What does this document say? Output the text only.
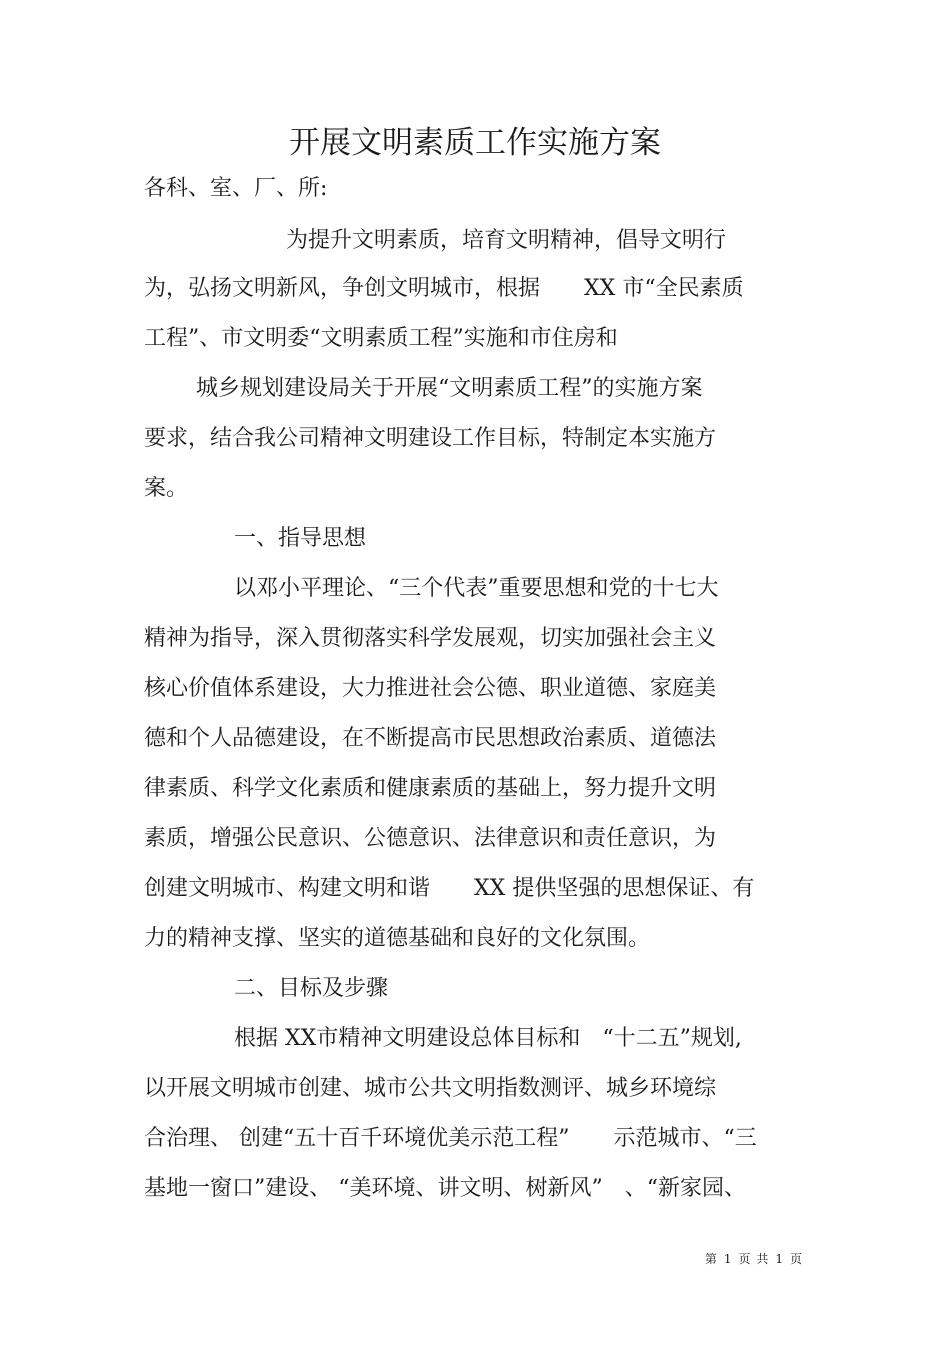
开展文明素质工作实施方案
各科、室、厂、所:
为提升文明素质，培育文明精神，倡导文明行
为，弘扬文明新风，争创文明城市，根据　　XX 市“全民素质
工程”、市文明委“文明素质工程”实施和市住房和
城乡规划建设局关于开展“文明素质工程”的实施方案
要求，结合我公司精神文明建设工作目标，特制定本实施方
案。
一、指导思想
以邓小平理论、“三个代表”重要思想和党的十七大
精神为指导，深入贯彻落实科学发展观，切实加强社会主义
核心价值体系建设，大力推进社会公德、职业道德、家庭美
德和个人品德建设，在不断提高市民思想政治素质、道德法
律素质、科学文化素质和健康素质的基础上，努力提升文明
素质，增强公民意识、公德意识、法律意识和责任意识，为
创建文明城市、构建文明和谐　　XX 提供坚强的思想保证、有
力的精神支撑、坚实的道德基础和良好的文化氛围。
二、目标及步骤
根据 XX市精神文明建设总体目标和　“十二五”规划,
以开展文明城市创建、城市公共文明指数测评、城乡环境综
合治理、 创建“五十百千环境优美示范工程”　　示范城市、“三
基地一窗口”建设、 “美环境、讲文明、树新风”　、“新家园、
第 1 页 共 1 页
